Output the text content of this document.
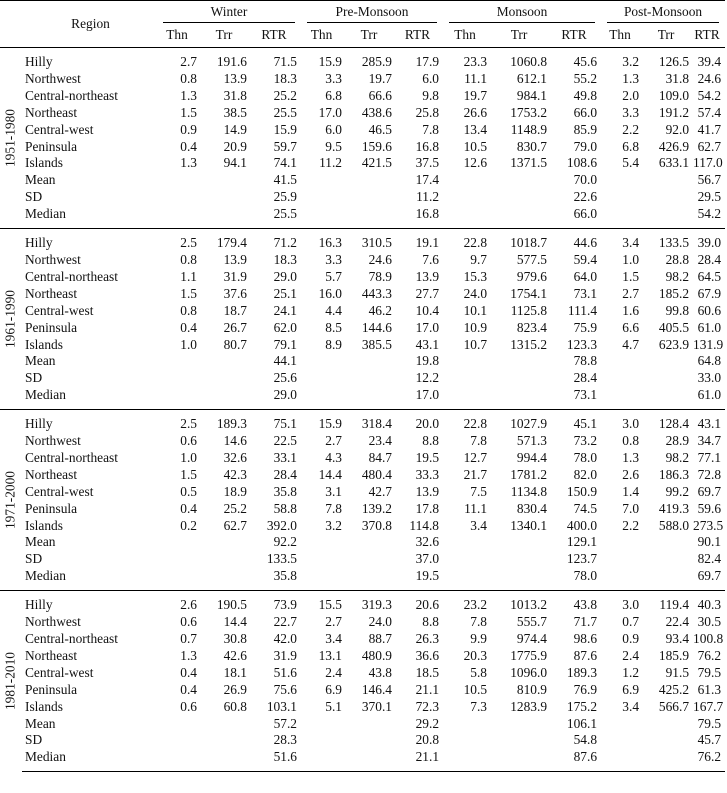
Region		Winter			Pre-Monsoon			Monsoon			Post-Monsoon		

		Thn	Trr	RTR	Thn	Trr	RTR	Thn	Trr	RTR	Thn	Trr	RTR

1951-1980	Hilly	2.7	191.6	71.5	15.9	285.9	17.9	23.3	1060.8	45.6	3.2	126.5	39.4
	Northwest	0.8	13.9	18.3	3.3	19.7	6.0	11.1	612.1	55.2	1.3	31.8	24.6
	Central-northeast	1.3	31.8	25.2	6.8	66.6	9.8	19.7	984.1	49.8	2.0	109.0	54.2
	Northeast	1.5	38.5	25.5	17.0	438.6	25.8	26.6	1753.2	66.0	3.3	191.2	57.4
	Central-west	0.9	14.9	15.9	6.0	46.5	7.8	13.4	1148.9	85.9	2.2	92.0	41.7
	Peninsula	0.4	20.9	59.7	9.5	159.6	16.8	10.5	830.7	79.0	6.8	426.9	62.7
	Islands	1.3	94.1	74.1	11.2	421.5	37.5	12.6	1371.5	108.6	5.4	633.1	117.0
	Mean			41.5			17.4			70.0			56.7
	SD			25.9			11.2			22.6			29.5
	Median			25.5			16.8			66.0			54.2

1961-1990	Hilly	2.5	179.4	71.2	16.3	310.5	19.1	22.8	1018.7	44.6	3.4	133.5	39.0
	Northwest	0.8	13.9	18.3	3.3	24.6	7.6	9.7	577.5	59.4	1.0	28.8	28.4
	Central-northeast	1.1	31.9	29.0	5.7	78.9	13.9	15.3	979.6	64.0	1.5	98.2	64.5
	Northeast	1.5	37.6	25.1	16.0	443.3	27.7	24.0	1754.1	73.1	2.7	185.2	67.9
	Central-west	0.8	18.7	24.1	4.4	46.2	10.4	10.1	1125.8	111.4	1.6	99.8	60.6
	Peninsula	0.4	26.7	62.0	8.5	144.6	17.0	10.9	823.4	75.9	6.6	405.5	61.0
	Islands	1.0	80.7	79.1	8.9	385.5	43.1	10.7	1315.2	123.3	4.7	623.9	131.9
	Mean			44.1			19.8			78.8			64.8
	SD			25.6			12.2			28.4			33.0
	Median			29.0			17.0			73.1			61.0

1971-2000	Hilly	2.5	189.3	75.1	15.9	318.4	20.0	22.8	1027.9	45.1	3.0	128.4	43.1
	Northwest	0.6	14.6	22.5	2.7	23.4	8.8	7.8	571.3	73.2	0.8	28.9	34.7
	Central-northeast	1.0	32.6	33.1	4.3	84.7	19.5	12.7	994.4	78.0	1.3	98.2	77.1
	Northeast	1.5	42.3	28.4	14.4	480.4	33.3	21.7	1781.2	82.0	2.6	186.3	72.8
	Central-west	0.5	18.9	35.8	3.1	42.7	13.9	7.5	1134.8	150.9	1.4	99.2	69.7
	Peninsula	0.4	25.2	58.8	7.8	139.2	17.8	11.1	830.4	74.5	7.0	419.3	59.6
	Islands	0.2	62.7	392.0	3.2	370.8	114.8	3.4	1340.1	400.0	2.2	588.0	273.5
	Mean			92.2			32.6			129.1			90.1
	SD			133.5			37.0			123.7			82.4
	Median			35.8			19.5			78.0			69.7

1981-2010	Hilly	2.6	190.5	73.9	15.5	319.3	20.6	23.2	1013.2	43.8	3.0	119.4	40.3
	Northwest	0.6	14.4	22.7	2.7	24.0	8.8	7.8	555.7	71.7	0.7	22.4	30.5
	Central-northeast	0.7	30.8	42.0	3.4	88.7	26.3	9.9	974.4	98.6	0.9	93.4	100.8
	Northeast	1.3	42.6	31.9	13.1	480.9	36.6	20.3	1775.9	87.6	2.4	185.9	76.2
	Central-west	0.4	18.1	51.6	2.4	43.8	18.5	5.8	1096.0	189.3	1.2	91.5	79.5
	Peninsula	0.4	26.9	75.6	6.9	146.4	21.1	10.5	810.9	76.9	6.9	425.2	61.3
	Islands	0.6	60.8	103.1	5.1	370.1	72.3	7.3	1283.9	175.2	3.4	566.7	167.7
	Mean			57.2			29.2			106.1			79.5
	SD			28.3			20.8			54.8			45.7
	Median			51.6			21.1			87.6			76.2
